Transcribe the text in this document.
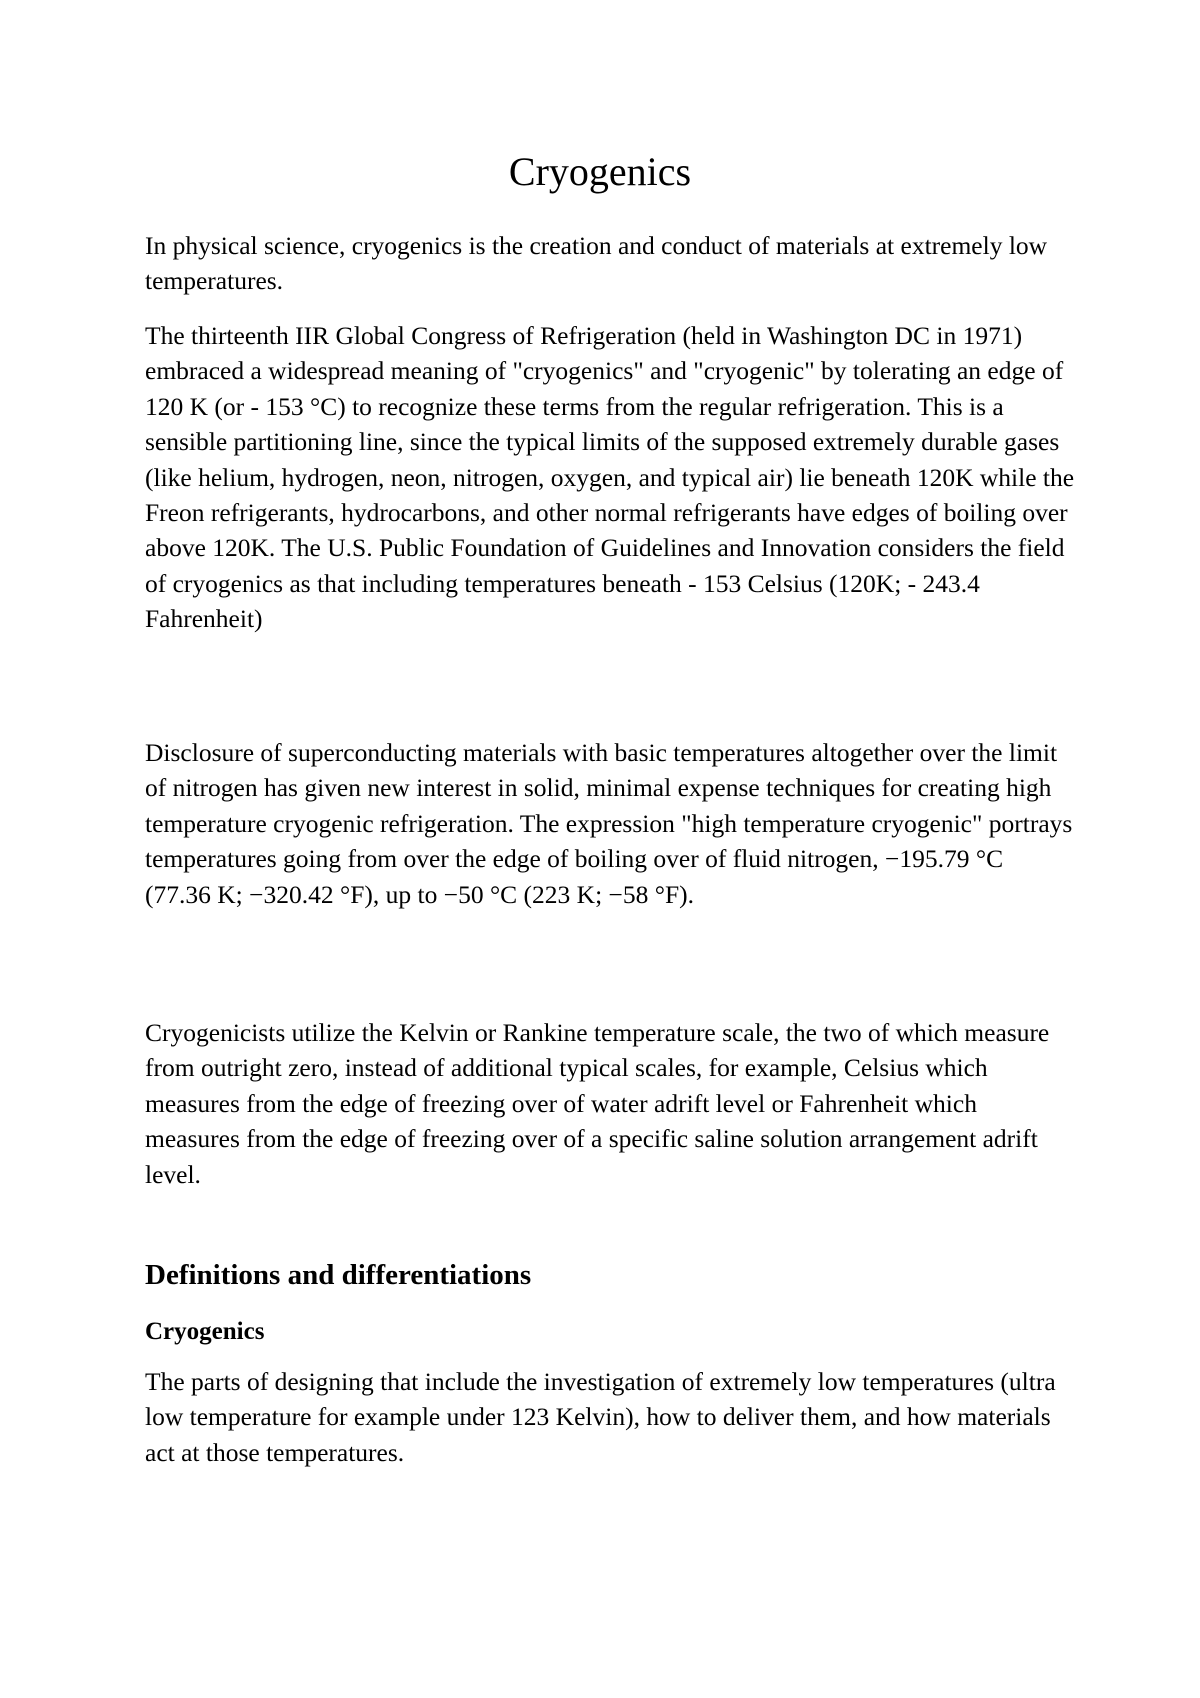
Cryogenics

In physical science, cryogenics is the creation and conduct of materials at extremely low temperatures.

The thirteenth IIR Global Congress of Refrigeration (held in Washington DC in 1971) embraced a widespread meaning of "cryogenics" and "cryogenic" by tolerating an edge of 120 K (or - 153 °C) to recognize these terms from the regular refrigeration. This is a sensible partitioning line, since the typical limits of the supposed extremely durable gases (like helium, hydrogen, neon, nitrogen, oxygen, and typical air) lie beneath 120K while the Freon refrigerants, hydrocarbons, and other normal refrigerants have edges of boiling over above 120K. The U.S. Public Foundation of Guidelines and Innovation considers the field of cryogenics as that including temperatures beneath - 153 Celsius (120K; - 243.4 Fahrenheit)

Disclosure of superconducting materials with basic temperatures altogether over the limit of nitrogen has given new interest in solid, minimal expense techniques for creating high temperature cryogenic refrigeration. The expression "high temperature cryogenic" portrays temperatures going from over the edge of boiling over of fluid nitrogen, −195.79 °C (77.36 K; −320.42 °F), up to −50 °C (223 K; −58 °F).

Cryogenicists utilize the Kelvin or Rankine temperature scale, the two of which measure from outright zero, instead of additional typical scales, for example, Celsius which measures from the edge of freezing over of water adrift level or Fahrenheit which measures from the edge of freezing over of a specific saline solution arrangement adrift level.

Definitions and differentiations
Cryogenics

The parts of designing that include the investigation of extremely low temperatures (ultra low temperature for example under 123 Kelvin), how to deliver them, and how materials act at those temperatures.
